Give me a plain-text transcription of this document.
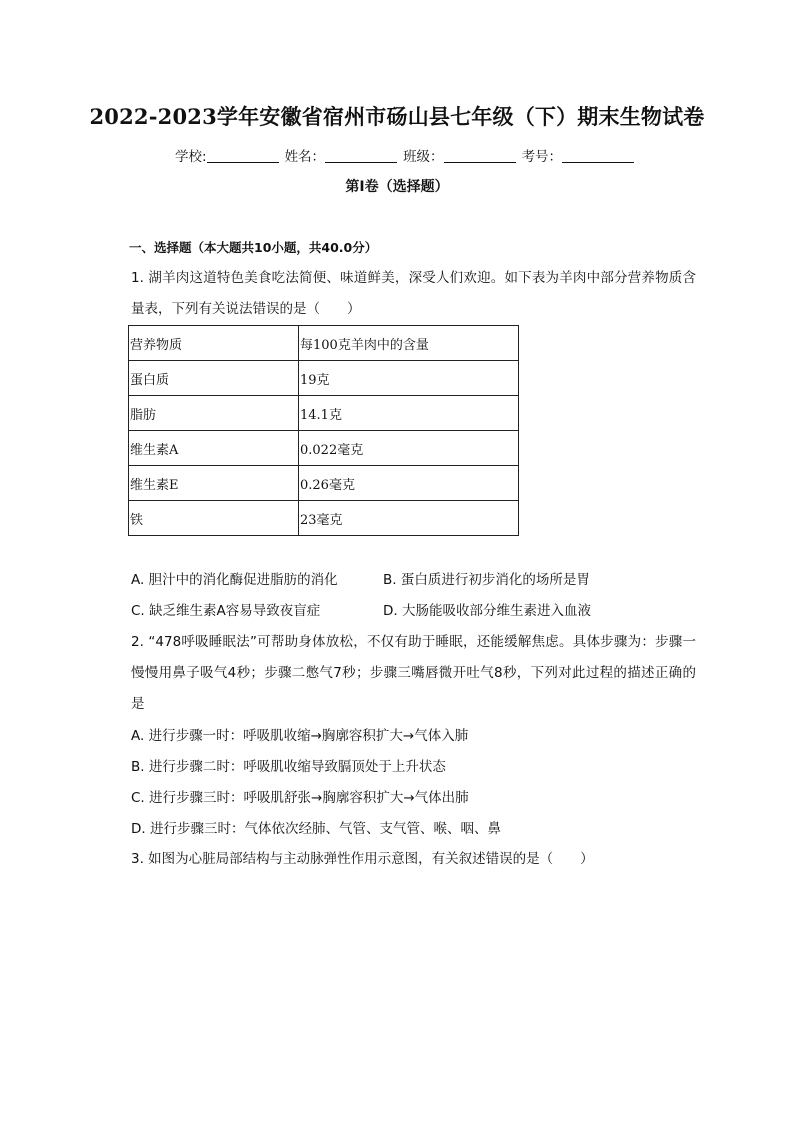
2022-2023学年安徽省宿州市砀山县七年级（下）期末生物试卷
学校:	姓名：	班级：	考号：
第I卷（选择题）
一、选择题（本大题共10小题，共40.0分）
1. 湖羊肉这道特色美食吃法简便、味道鲜美，深受人们欢迎。如下表为羊肉中部分营养物质含量表，下列有关说法错误的是（　　）
营养物质	每100克羊肉中的含量
蛋白质	19克
脂肪	14.1克
维生素A	0.022毫克
维生素E	0.26毫克
铁	23毫克
A. 胆汁中的消化酶促进脂肪的消化	B. 蛋白质进行初步消化的场所是胃
C. 缺乏维生素A容易导致夜盲症	D. 大肠能吸收部分维生素进入血液
2. “478呼吸睡眠法”可帮助身体放松，不仅有助于睡眠，还能缓解焦虑。具体步骤为：步骤一慢慢用鼻子吸气4秒；步骤二憋气7秒；步骤三嘴唇微开吐气8秒，下列对此过程的描述正确的是
A. 进行步骤一时：呼吸肌收缩→胸廓容积扩大→气体入肺
B. 进行步骤二时：呼吸肌收缩导致膈顶处于上升状态
C. 进行步骤三时：呼吸肌舒张→胸廓容积扩大→气体出肺
D. 进行步骤三时：气体依次经肺、气管、支气管、喉、咽、鼻
3. 如图为心脏局部结构与主动脉弹性作用示意图，有关叙述错误的是（　　）
